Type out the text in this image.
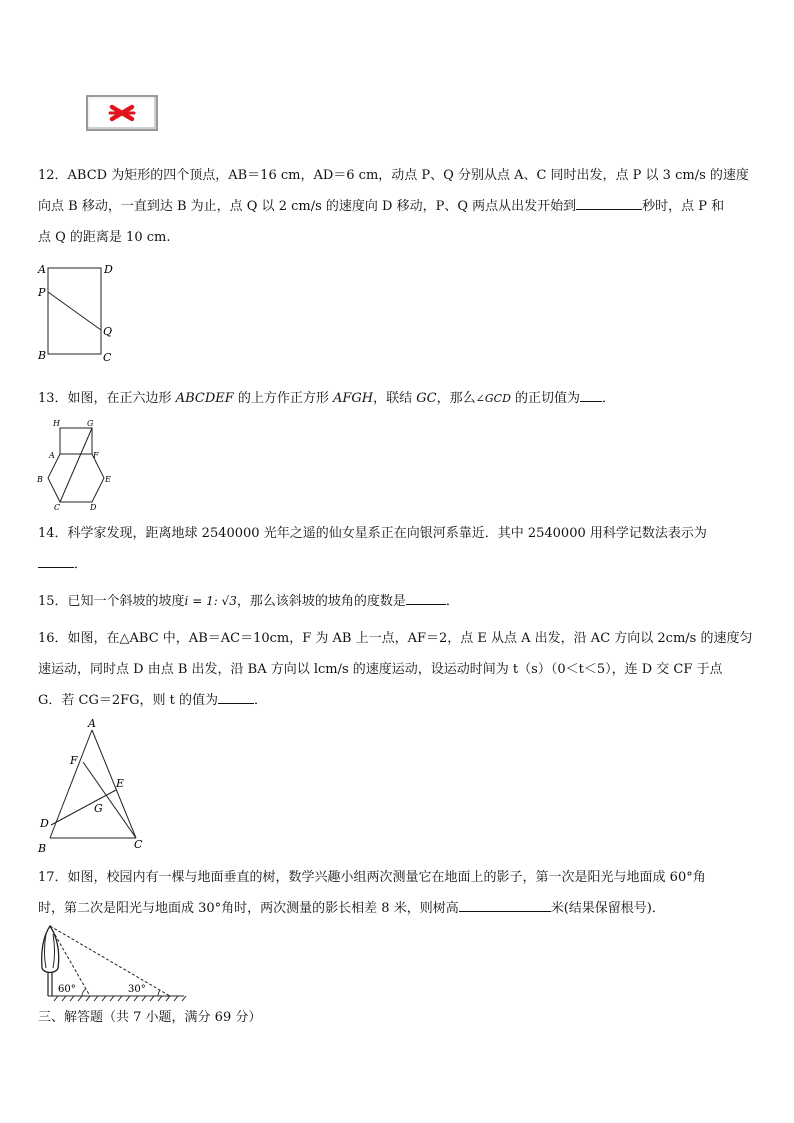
12．ABCD 为矩形的四个顶点，AB＝16 cm，AD＝6 cm，动点 P、Q 分别从点 A、C 同时出发，点 P 以 3 cm/s 的速度
向点 B 移动，一直到达 B 为止，点 Q 以 2 cm/s 的速度向 D 移动，P、Q 两点从出发开始到	秒时，点 P 和
点 Q 的距离是 10 cm.
A	D
P
Q
B	C
13．如图，在正六边形 ABCDEF 的上方作正方形 AFGH，联结 GC，那么∠GCD 的正切值为 ．
H	G
A	F
B	E
C	D
14．科学家发现，距离地球 2540000 光年之遥的仙女星系正在向银河系靠近．其中 2540000 用科学记数法表示为
．
15．已知一个斜坡的坡度i = 1: √3，那么该斜坡的坡角的度数是	．
16．如图，在△ABC 中，AB＝AC＝10cm，F 为 AB 上一点，AF＝2，点 E 从点 A 出发，沿 AC 方向以 2cm/s 的速度匀
速运动，同时点 D 由点 B 出发，沿 BA 方向以 lcm/s 的速度运动，设运动时间为 t（s）（0＜t＜5），连 D 交 CF 于点
G．若 CG＝2FG，则 t 的值为	．
A
F
E
G
D
B	C
17．如图，校园内有一棵与地面垂直的树，数学兴趣小组两次测量它在地面上的影子，第一次是阳光与地面成 60°角
时，第二次是阳光与地面成 30°角时，两次测量的影长相差 8 米，则树高	米(结果保留根号)．
60°	30°
三、解答题（共 7 小题，满分 69 分）
